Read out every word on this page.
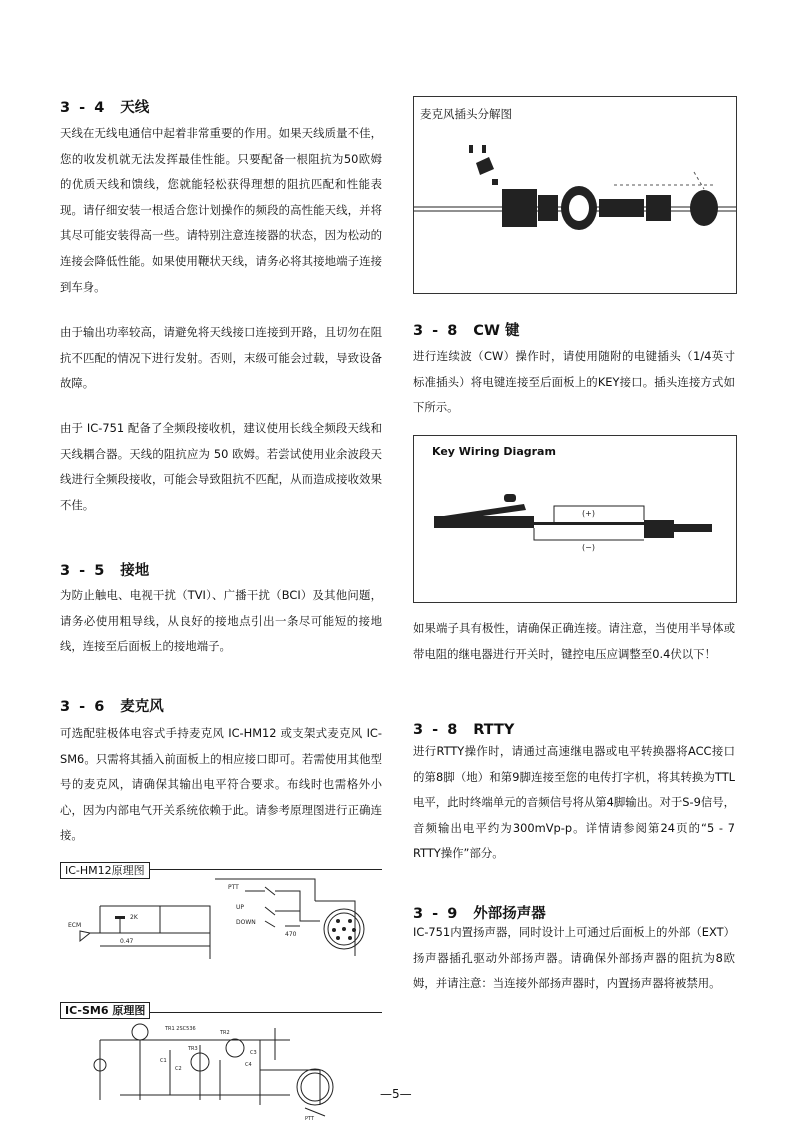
3 - 4 天线

天线在无线电通信中起着非常重要的作用。如果天线质量不佳，您的收发机就无法发挥最佳性能。只要配备一根阻抗为50欧姆的优质天线和馈线，您就能轻松获得理想的阻抗匹配和性能表现。请仔细安装一根适合您计划操作的频段的高性能天线，并将其尽可能安装得高一些。请特别注意连接器的状态，因为松动的连接会降低性能。如果使用鞭状天线，请务必将其接地端子连接到车身。

由于输出功率较高，请避免将天线接口连接到开路，且切勿在阻抗不匹配的情况下进行发射。否则，末级可能会过载，导致设备故障。

由于 IC-751 配备了全频段接收机，建议使用长线全频段天线和天线耦合器。天线的阻抗应为 50 欧姆。若尝试使用业余波段天线进行全频段接收，可能会导致阻抗不匹配，从而造成接收效果不佳。

3 - 5 接地

为防止触电、电视干扰（TVI）、广播干扰（BCI）及其他问题，请务必使用粗导线，从良好的接地点引出一条尽可能短的接地线，连接至后面板上的接地端子。

3 - 6 麦克风

可选配驻极体电容式手持麦克风 IC-HM12 或支架式麦克风 IC-SM6。只需将其插入前面板上的相应接口即可。若需使用其他型号的麦克风，请确保其输出电平符合要求。布线时也需格外小心，因为内部电气开关系统依赖于此。请参考原理图进行正确连接。

IC-HM12原理图
PTT
UP
DOWN
ECM
2K
0.47
470
IC-SM6 原理图
TR1 2SC536
TR2
TR3
C1
C2
C3
C4
PTT
麦克风插头分解图
3 - 8 CW 键

进行连续波（CW）操作时，请使用随附的电键插头（1/4英寸标准插头）将电键连接至后面板上的KEY接口。插头连接方式如下所示。

Key Wiring Diagram
(+)
(−)

如果端子具有极性，请确保正确连接。请注意，当使用半导体或带电阻的继电器进行开关时，键控电压应调整至0.4伏以下！

3 - 8 RTTY

进行RTTY操作时，请通过高速继电器或电平转换器将ACC接口的第8脚（地）和第9脚连接至您的电传打字机，将其转换为TTL电平，此时终端单元的音频信号将从第4脚输出。对于S-9信号，音频输出电平约为300mVp-p。详情请参阅第24页的“5 - 7 RTTY操作”部分。

3 - 9 外部扬声器

IC-751内置扬声器，同时设计上可通过后面板上的外部（EXT）扬声器插孔驱动外部扬声器。请确保外部扬声器的阻抗为8欧姆，并请注意：当连接外部扬声器时，内置扬声器将被禁用。

—5—
